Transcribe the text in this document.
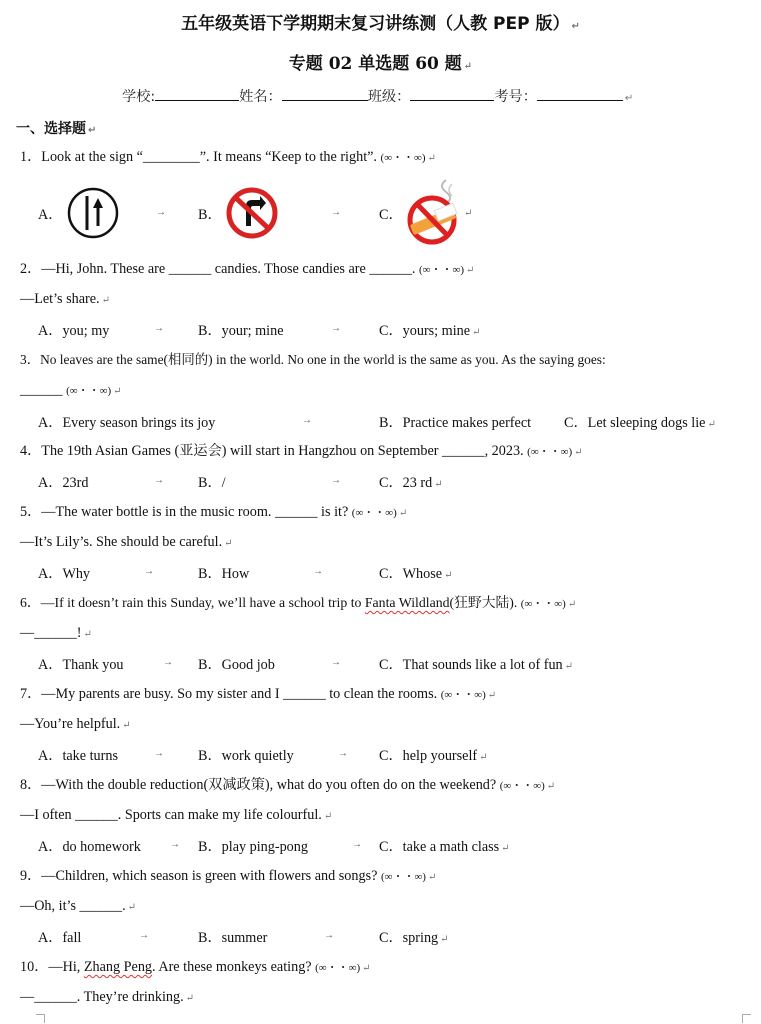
五年级英语下学期期末复习讲练测（人教 PEP 版） ↵
专题 02 单选题 60 题 ↵
学校:	姓名：	班级：	考号：	↵
一、选择题 ↵
1．Look at the sign “________”. It means “Keep to the right”. (∞・・∞) ↵
A．	→ B．	→	C．	↵
2．—Hi, John. These are ______ candies. Those candies are ______. (∞・・∞) ↵
—Let’s share. ↵
A．you; my	→ B．your; mine	→	C．yours; mine ↵
3．No leaves are the same(相同的) in the world. No one in the world is the same as you. As the saying goes:
______ (∞・・∞) ↵
A．Every season brings its joy	→	B．Practice makes perfect C．Let sleeping dogs lie ↵
4．The 19th Asian Games (亚运会) will start in Hangzhou on September ______, 2023. (∞・・∞) ↵
A．23rd	→ B．/	→	C．23 rd ↵
5．—The water bottle is in the music room. ______ is it? (∞・・∞) ↵
—It’s Lily’s. She should be careful. ↵
A．Why	→	B．How	→	C．Whose ↵
6．—If it doesn’t rain this Sunday, we’ll have a school trip to Fanta Wildland(狂野大陆). (∞・・∞) ↵
—______! ↵
A．Thank you	→ B．Good job	→	C．That sounds like a lot of fun ↵
7．—My parents are busy. So my sister and I ______ to clean the rooms. (∞・・∞) ↵
—You’re helpful. ↵
A．take turns	→ B．work quietly	→ C．help yourself ↵
8．—With the double reduction(双减政策), what do you often do on the weekend? (∞・・∞) ↵
—I often ______. Sports can make my life colourful. ↵
A．do homework	→ B．play ping-pong	→ C．take a math class ↵
9．—Children, which season is green with flowers and songs? (∞・・∞) ↵
—Oh, it’s ______. ↵
A．fall	→	B．summer	→	C．spring ↵
10．—Hi, Zhang Peng. Are these monkeys eating? (∞・・∞) ↵
—______. They’re drinking. ↵
